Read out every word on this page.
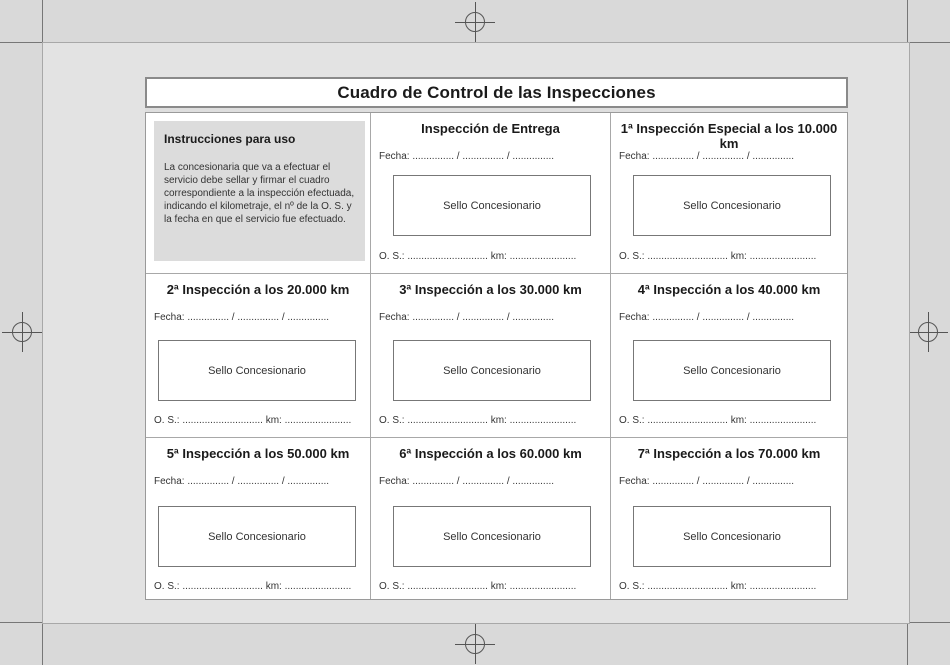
Cuadro de Control de las Inspecciones
Instrucciones para uso
La concesionaria que va a efectuar el servicio debe sellar y firmar el cuadro correspondiente a la inspección efectuada, indicando el kilometraje, el nº de la O. S. y la fecha en que el servicio fue efectuado.
Inspección de Entrega
Fecha: ............... / ............... / ...............
Sello Concesionario
O. S.: ............................. km: ........................
1ª Inspección Especial a los 10.000 km
Fecha: ............... / ............... / ...............
Sello Concesionario
O. S.: ............................. km: ........................
2ª Inspección a los 20.000 km
Fecha: ............... / ............... / ...............
Sello Concesionario
O. S.: ............................. km: ........................
3ª Inspección a los 30.000 km
Fecha: ............... / ............... / ...............
Sello Concesionario
O. S.: ............................. km: ........................
4ª Inspección a los 40.000 km
Fecha: ............... / ............... / ...............
Sello Concesionario
O. S.: ............................. km: ........................
5ª Inspección a los 50.000 km
Fecha: ............... / ............... / ...............
Sello Concesionario
O. S.: ............................. km: ........................
6ª Inspección a los 60.000 km
Fecha: ............... / ............... / ...............
Sello Concesionario
O. S.: ............................. km: ........................
7ª Inspección a los 70.000 km
Fecha: ............... / ............... / ...............
Sello Concesionario
O. S.: ............................. km: ........................
